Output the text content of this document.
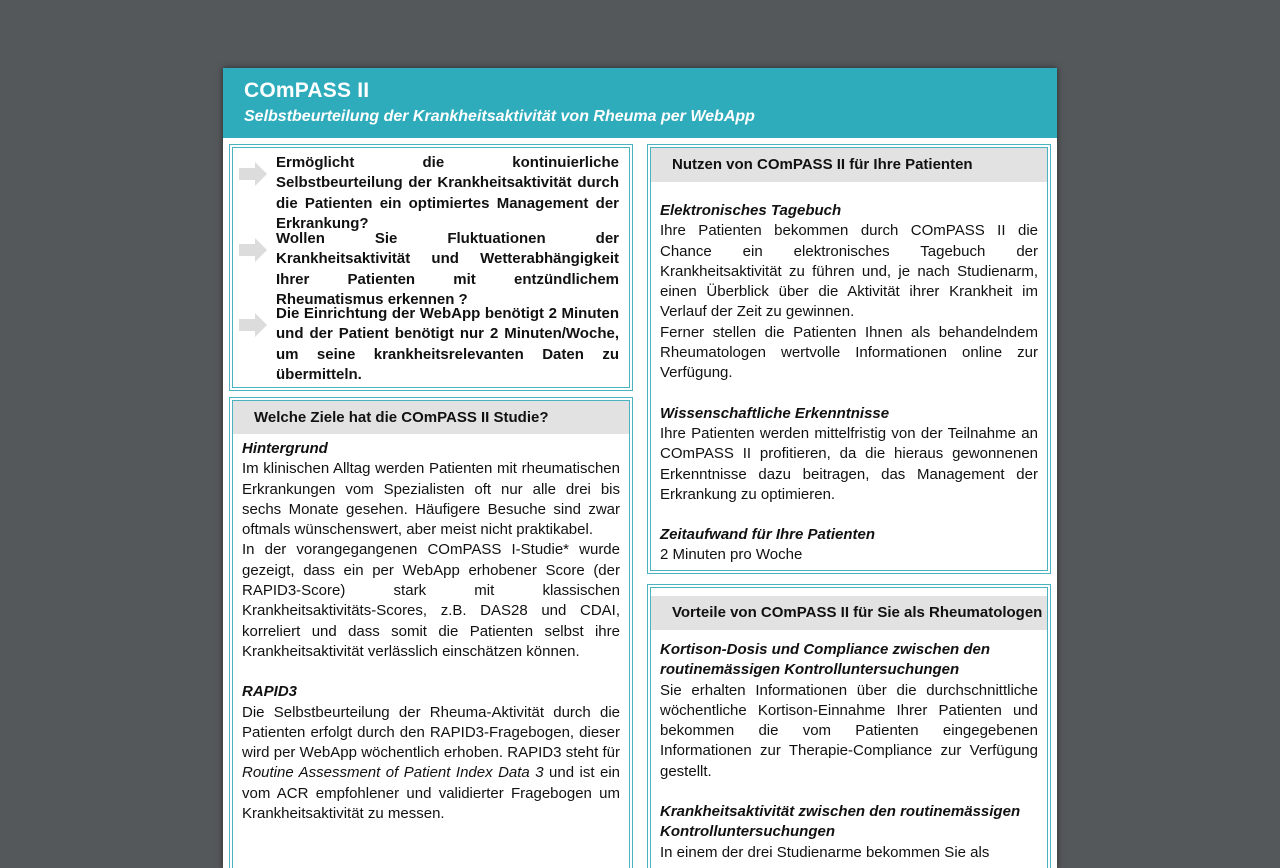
COmPASS II
Selbstbeurteilung der Krankheitsaktivität von Rheuma per WebApp
Ermöglicht die kontinuierliche Selbstbeurteilung der Krankheitsaktivität durch die Patienten ein optimiertes Management der Erkrankung?
Wollen Sie Fluktuationen der Krankheitsaktivität und Wetterabhängigkeit Ihrer Patienten mit entzündlichem Rheumatismus erkennen ?
Die Einrichtung der WebApp benötigt 2 Minuten und der Patient benötigt nur 2 Minuten/Woche, um seine krankheitsrelevanten Daten zu übermitteln.
Welche Ziele hat die COmPASS II Studie?
Hintergrund
Im klinischen Alltag werden Patienten mit rheumatischen Erkrankungen vom Spezialisten oft nur alle drei bis sechs Monate gesehen. Häufigere Besuche sind zwar oftmals wünschenswert, aber meist nicht praktikabel.
In der vorangegangenen COmPASS I-Studie* wurde gezeigt, dass ein per WebApp erhobener Score (der RAPID3-Score) stark mit klassischen Krankheitsaktivitäts-Scores, z.B. DAS28 und CDAI, korreliert und dass somit die Patienten selbst ihre Krankheitsaktivität verlässlich einschätzen können.
RAPID3
Die Selbstbeurteilung der Rheuma-Aktivität durch die Patienten erfolgt durch den RAPID3-Fragebogen, dieser wird per WebApp wöchentlich erhoben. RAPID3 steht für Routine Assessment of Patient Index Data 3 und ist ein vom ACR empfohlener und validierter Fragebogen um Krankheitsaktivität zu messen.
Nutzen von COmPASS II für Ihre Patienten
Elektronisches Tagebuch
Ihre Patienten bekommen durch COmPASS II die Chance ein elektronisches Tagebuch der Krankheitsaktivität zu führen und, je nach Studienarm, einen Überblick über die Aktivität ihrer Krankheit im Verlauf der Zeit zu gewinnen.
Ferner stellen die Patienten Ihnen als behandelndem Rheumatologen wertvolle Informationen online zur Verfügung.
Wissenschaftliche Erkenntnisse
Ihre Patienten werden mittelfristig von der Teilnahme an COmPASS II profitieren, da die hieraus gewonnenen Erkenntnisse dazu beitragen, das Management der Erkrankung zu optimieren.
Zeitaufwand für Ihre Patienten
2 Minuten pro Woche
Vorteile von COmPASS II für Sie als Rheumatologen
Kortison-Dosis und Compliance zwischen den routinemässigen Kontrolluntersuchungen
Sie erhalten Informationen über die durchschnittliche wöchentliche Kortison-Einnahme Ihrer Patienten und bekommen die vom Patienten eingegebenen Informationen zur Therapie-Compliance zur Verfügung gestellt.
Krankheitsaktivität zwischen den routinemässigen Kontrolluntersuchungen
In einem der drei Studienarme bekommen Sie als
